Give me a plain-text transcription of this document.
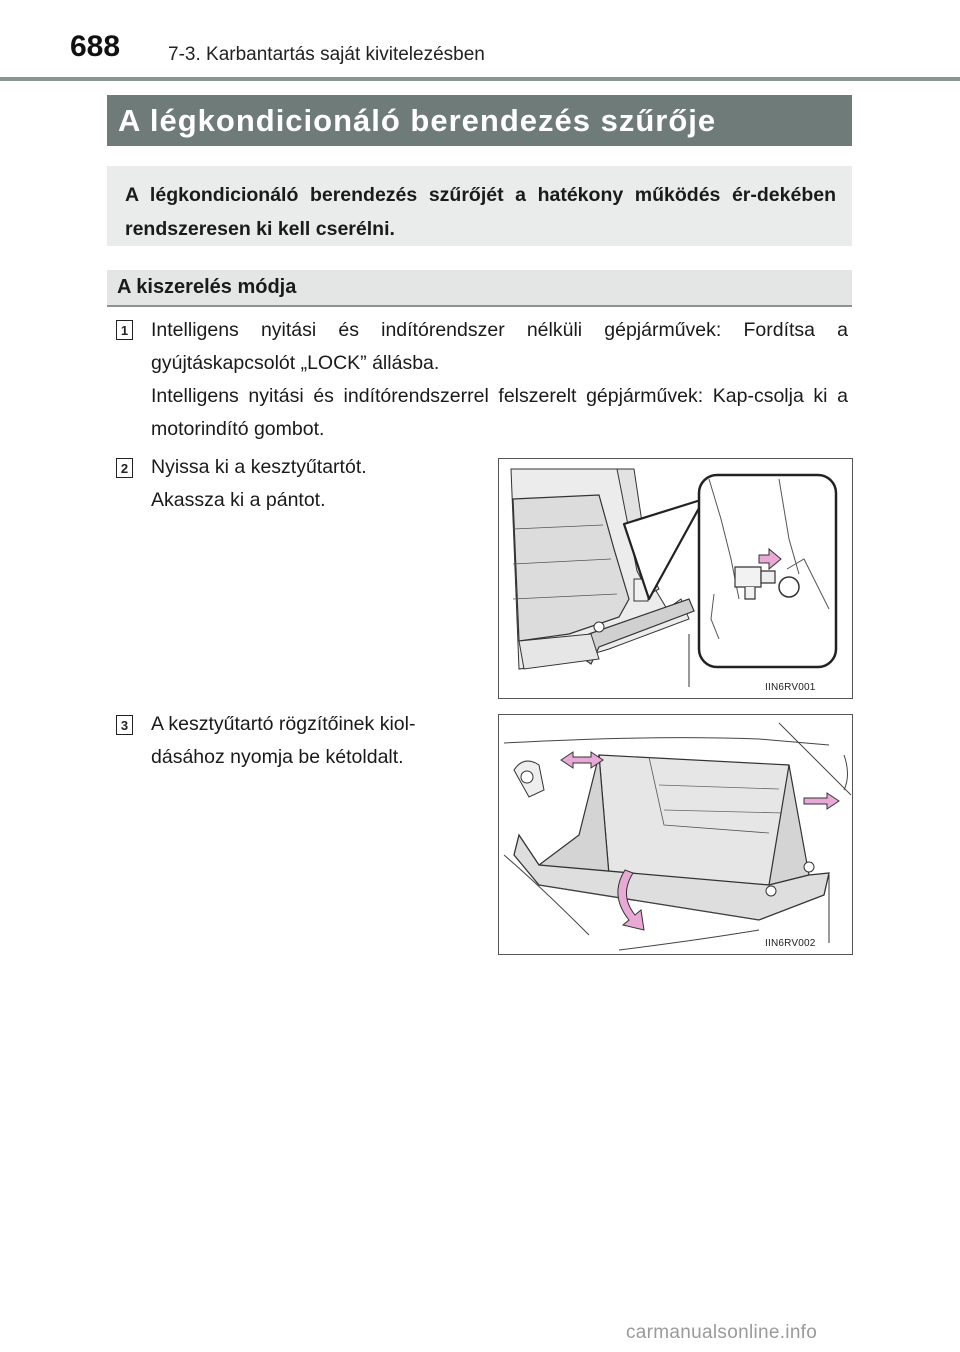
688	7-3. Karbantartás saját kivitelezésben
A légkondicionáló berendezés szűrője
A légkondicionáló berendezés szűrőjét a hatékony működés ér-dekében rendszeresen ki kell cserélni.
A kiszerelés módja
1 Intelligens nyitási és indítórendszer nélküli gépjárművek: Fordítsa a gyújtáskapcsolót „LOCK” állásba.
Intelligens nyitási és indítórendszerrel felszerelt gépjárművek: Kap-csolja ki a motorindító gombot.
2 Nyissa ki a kesztyűtartót.
Akassza ki a pántot.
IIN6RV001
3 A kesztyűtartó rögzítőinek kiol-dásához nyomja be kétoldalt.
IIN6RV002
carmanualsonline.info
